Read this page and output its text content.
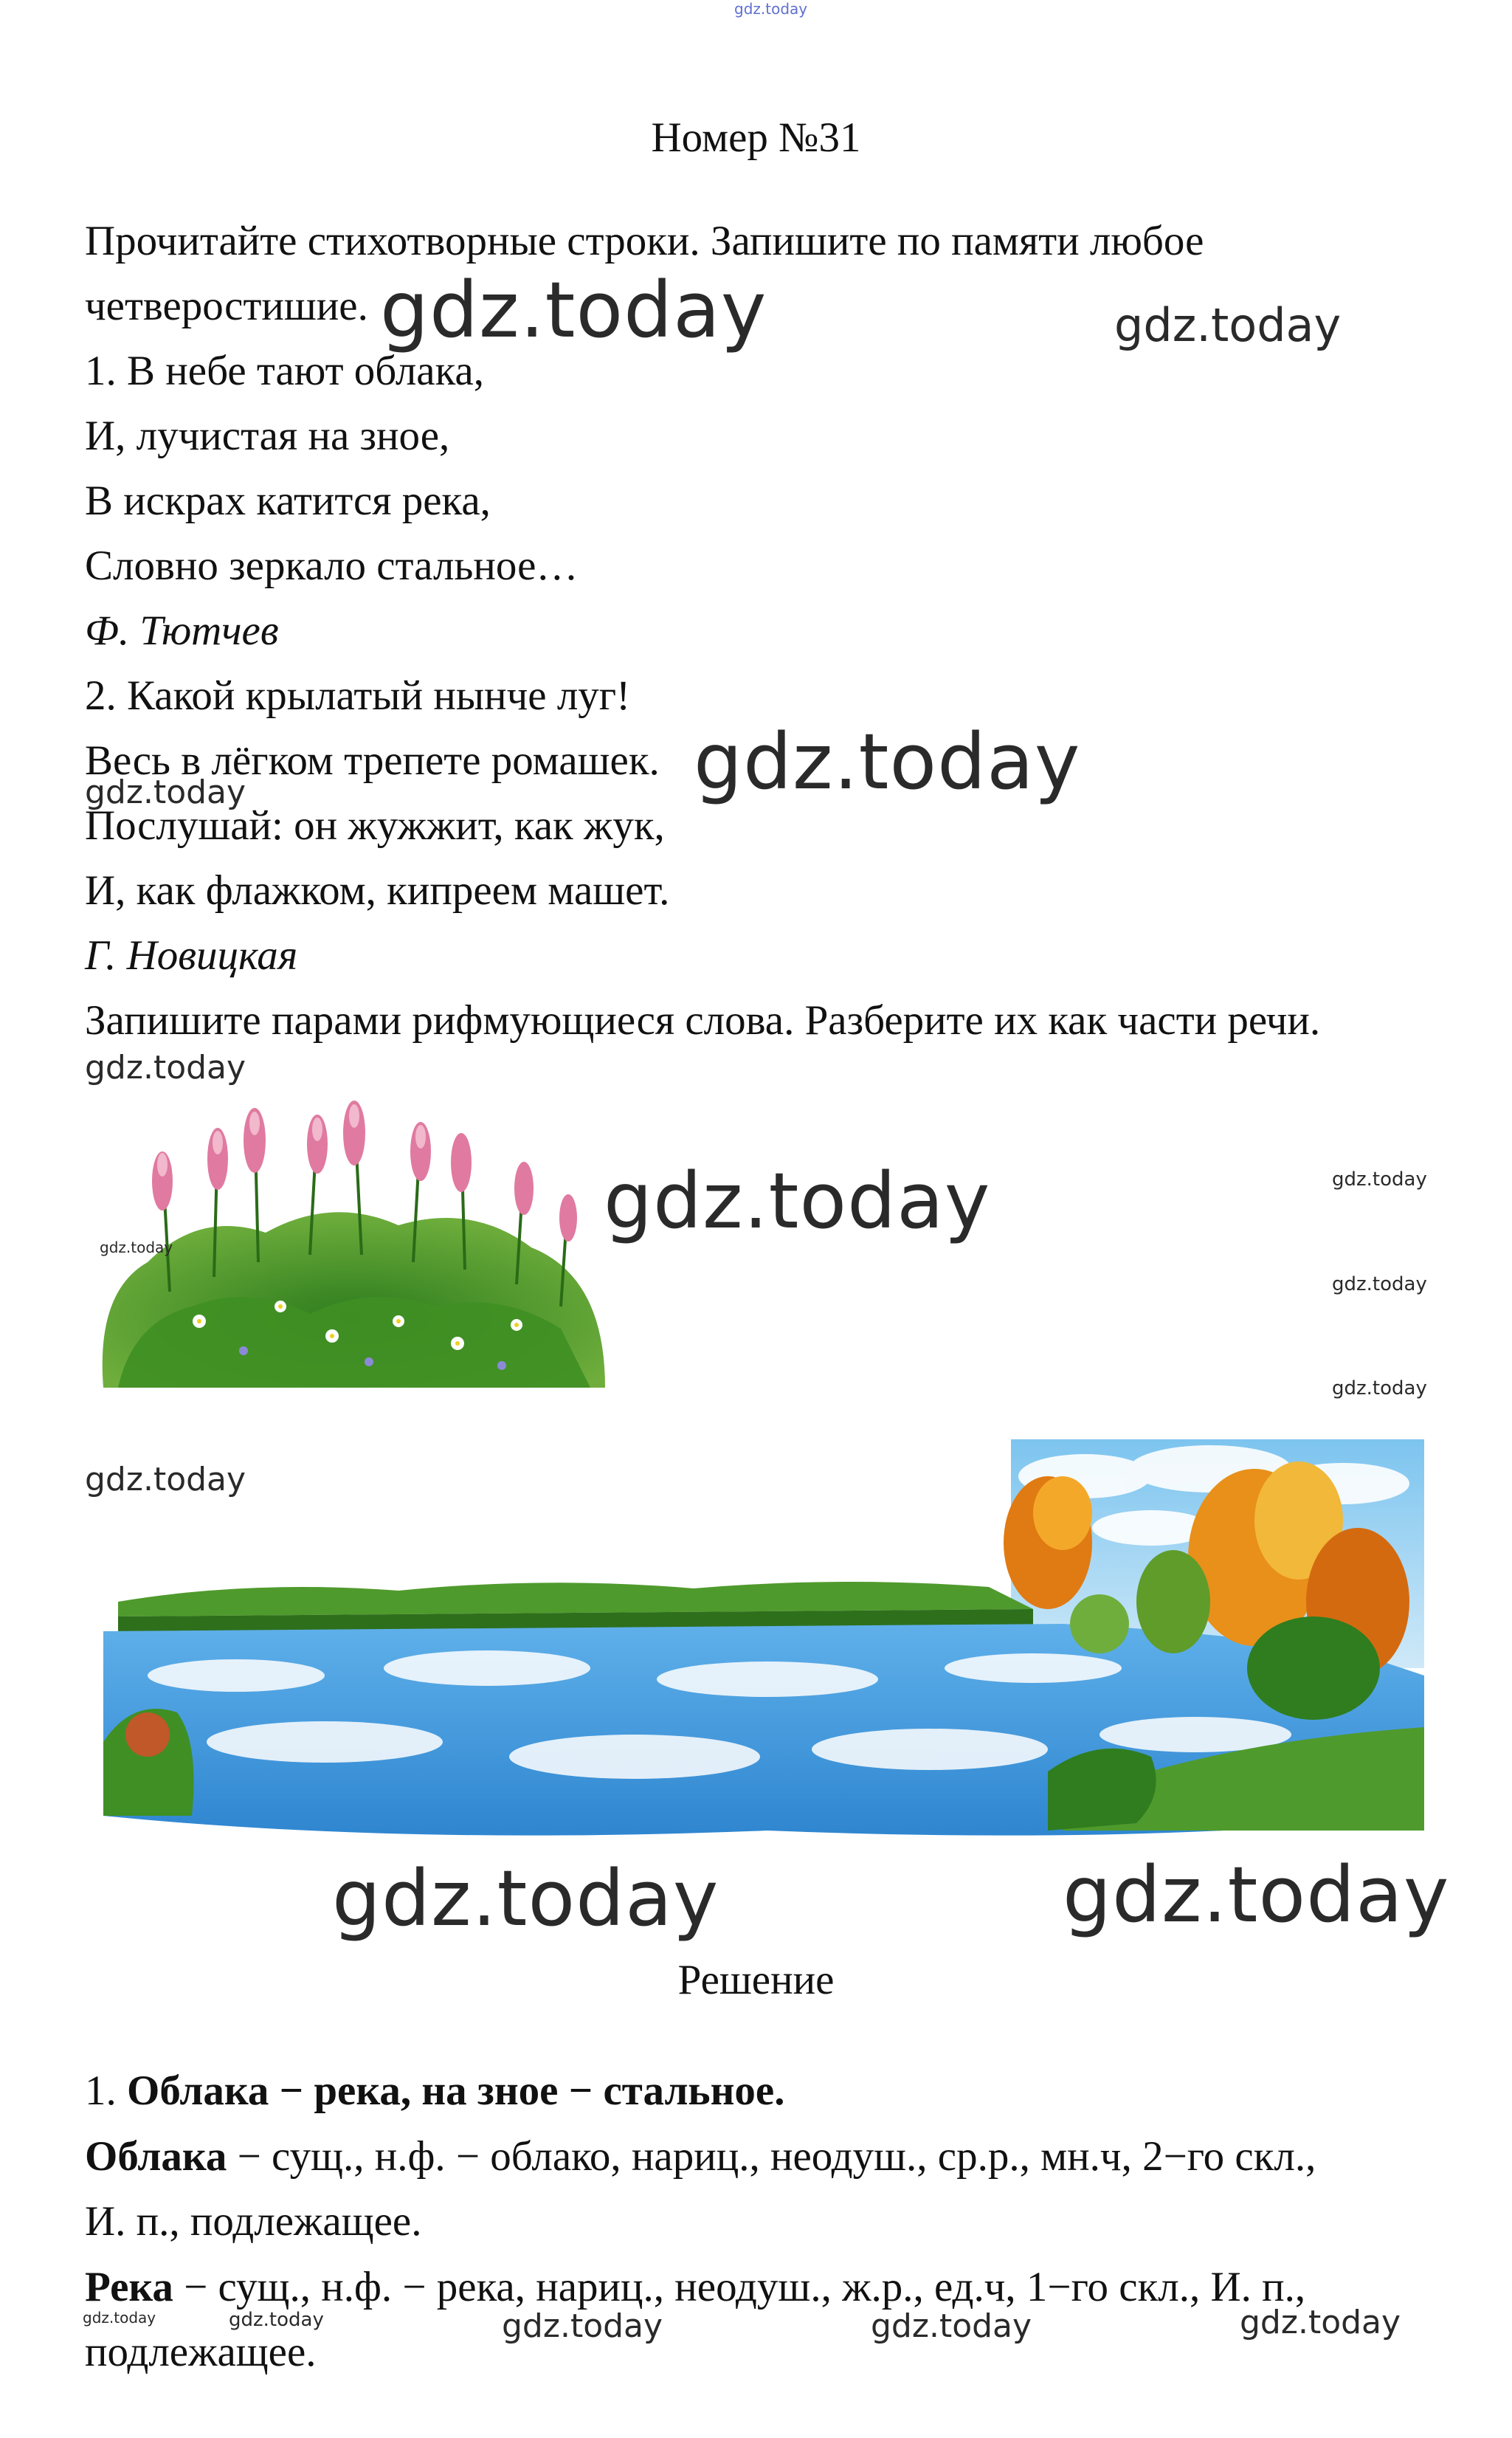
gdz.today
Номер №31
Прочитайте стихотворные строки. Запишите по памяти любое
четверостишие.
1. В небе тают облака,
И, лучистая на зное,
В искрах катится река,
Словно зеркало стальное…
Ф. Тютчев
2. Какой крылатый нынче луг!
Весь в лёгком трепете ромашек.
Послушай: он жужжит, как жук,
И, как флажком, кипреем машет.
Г. Новицкая
Запишите парами рифмующиеся слова. Разберите их как части речи.
gdz.today	gdz.today
gdz.today
gdz.today
gdz.today
gdz.today
gdz.today
gdz.today
gdz.today
gdz.today
gdz.today
gdz.today	gdz.today
Решение
1. Облака − река, на зное − стальное.
Облака − сущ., н.ф. − облако, нариц., неодуш., ср.р., мн.ч, 2−го скл.,
И. п., подлежащее.
Река − сущ., н.ф. − река, нариц., неодуш., ж.р., ед.ч, 1−го скл., И. п.,
подлежащее.
gdz.today	gdz.today	gdz.today	gdz.today	gdz.today
